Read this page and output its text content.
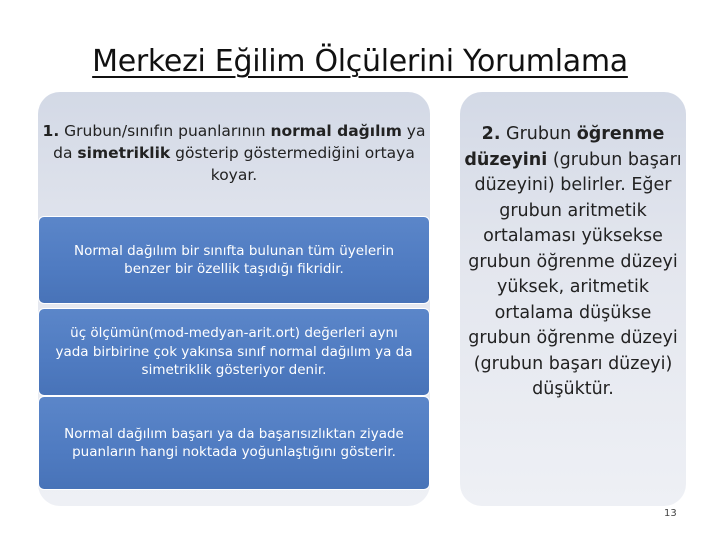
Merkezi Eğilim Ölçülerini Yorumlama
1. Grubun/sınıfın puanlarının normal dağılım ya da simetriklik gösterip göstermediğini ortaya koyar.
Normal dağılım bir sınıfta bulunan tüm üyelerin benzer bir özellik taşıdığı fikridir.
üç ölçümün(mod-medyan-arit.ort) değerleri aynı yada birbirine çok yakınsa sınıf normal dağılım ya da simetriklik gösteriyor denir.
Normal dağılım başarı ya da başarısızlıktan ziyade puanların hangi noktada yoğunlaştığını gösterir.
2. Grubun öğrenme düzeyini (grubun başarı düzeyini) belirler. Eğer grubun aritmetik ortalaması yüksekse grubun öğrenme düzeyi yüksek, aritmetik ortalama düşükse grubun öğrenme düzeyi (grubun başarı düzeyi) düşüktür.
13
